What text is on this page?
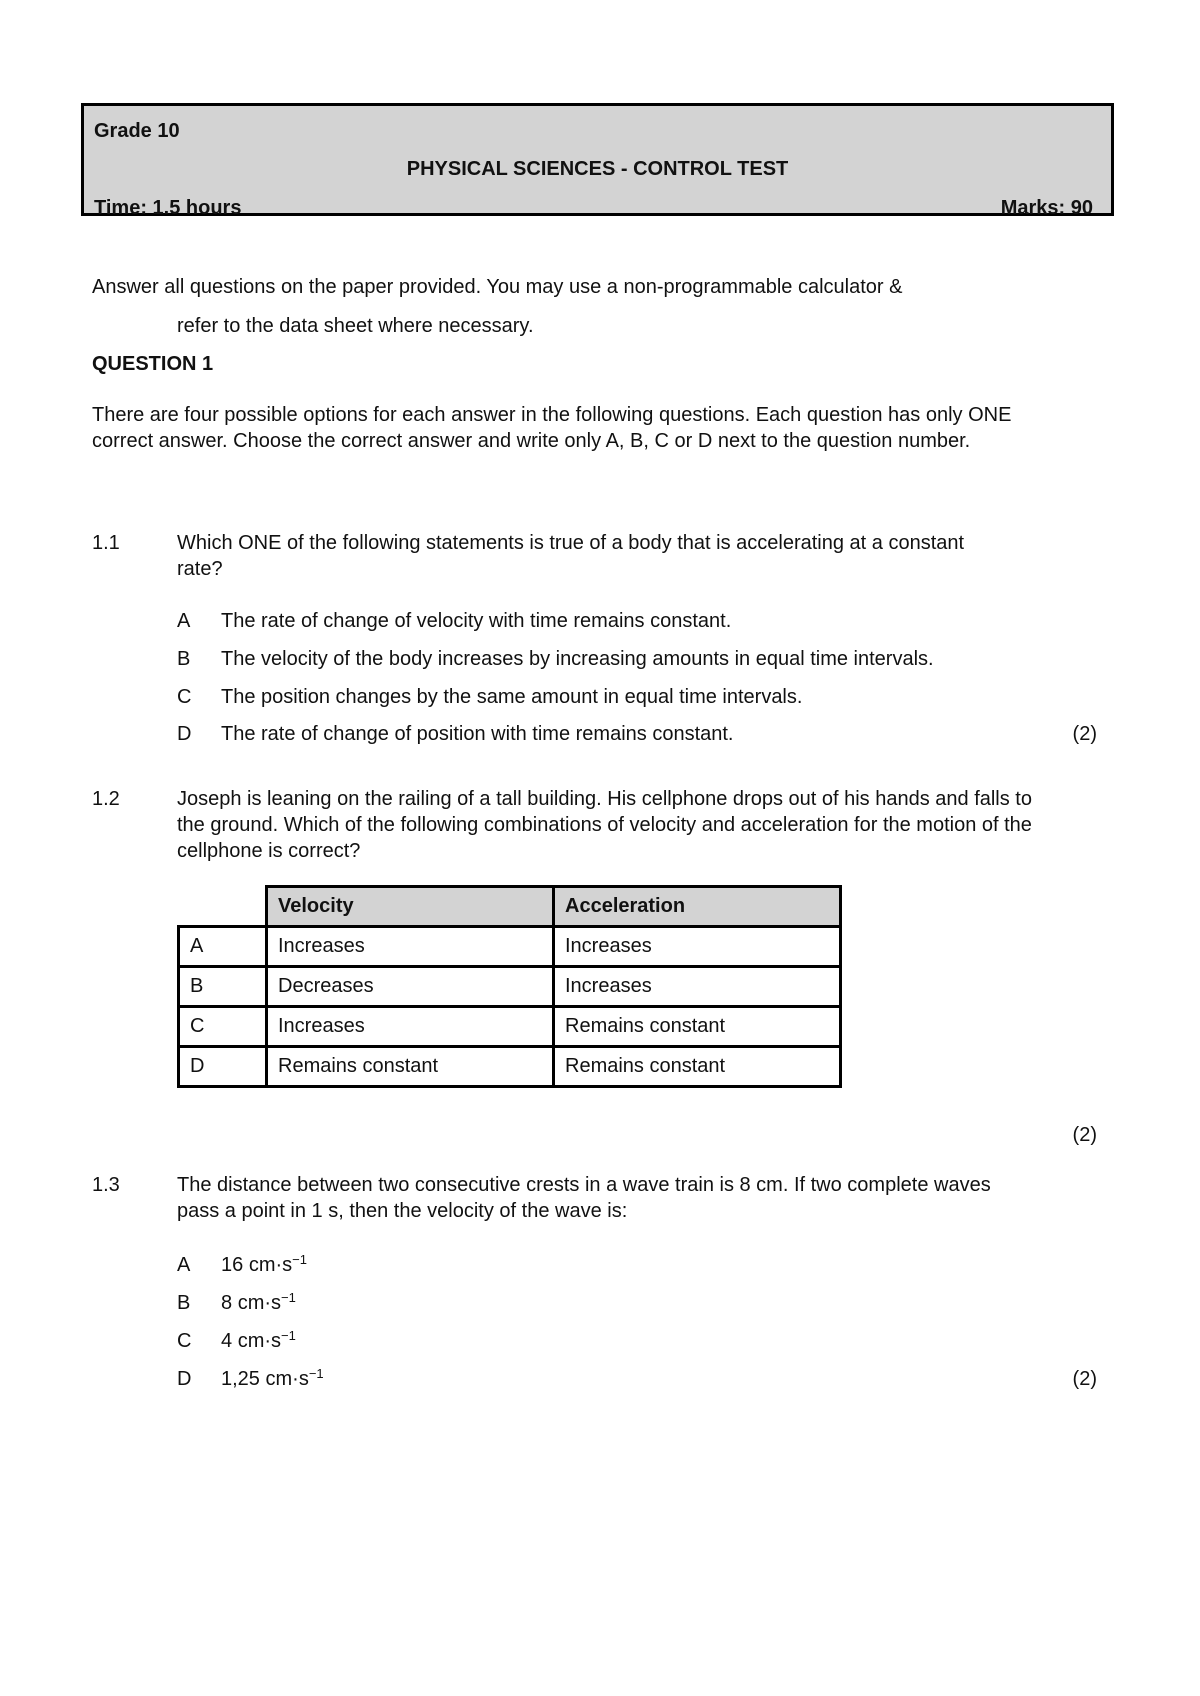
Grade 10
PHYSICAL SCIENCES - CONTROL TEST
Time: 1.5 hours	Marks: 90
Answer all questions on the paper provided. You may use a non-programmable calculator &
refer to the data sheet where necessary.
QUESTION 1
There are four possible options for each answer in the following questions. Each question has only ONE correct answer. Choose the correct answer and write only A, B, C or D next to the question number.
1.1	Which ONE of the following statements is true of a body that is accelerating at a constant rate?
A The rate of change of velocity with time remains constant.
B The velocity of the body increases by increasing amounts in equal time intervals.
C The position changes by the same amount in equal time intervals.
D The rate of change of position with time remains constant.	(2)
1.2	Joseph is leaning on the railing of a tall building. His cellphone drops out of his hands and falls to the ground. Which of the following combinations of velocity and acceleration for the motion of the cellphone is correct?
	Velocity	Acceleration
A	Increases	Increases
B	Decreases	Increases
C	Increases	Remains constant
D	Remains constant	Remains constant
(2)
1.3	The distance between two consecutive crests in a wave train is 8 cm. If two complete waves pass a point in 1 s, then the velocity of the wave is:
A 16 $cm\cdot s^{-1}$
B 8 $cm\cdot s^{-1}$
C 4 $cm\cdot s^{-1}$
D 1,25 $cm\cdot s^{-1}$	(2)
